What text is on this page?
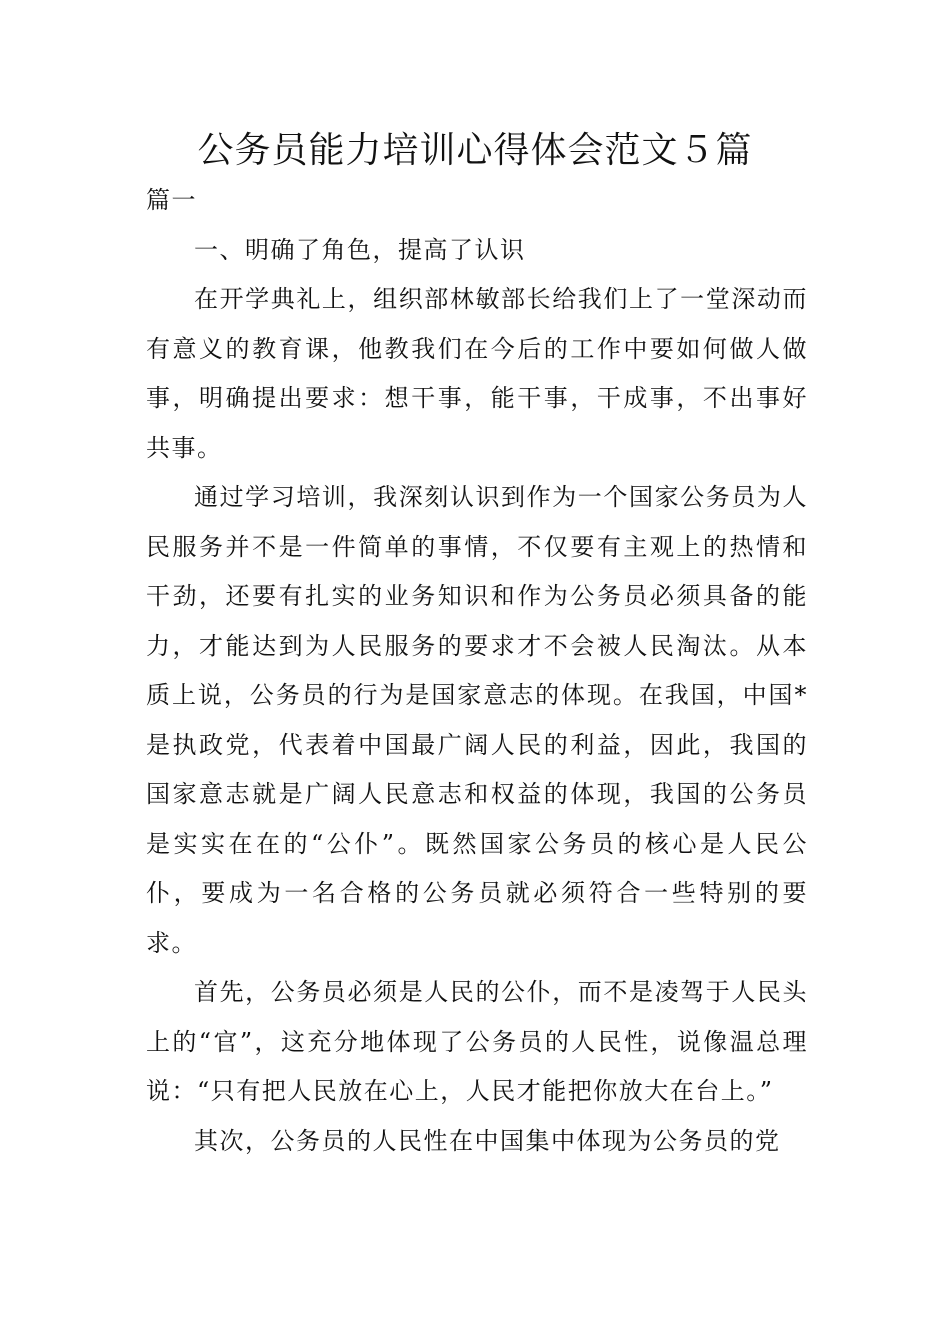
公务员能力培训心得体会范文５篇

篇一

一、明确了角色，提高了认识

在开学典礼上，组织部林敏部长给我们上了一堂深动而有意义的教育课，他教我们在今后的工作中要如何做人做事，明确提出要求：想干事，能干事，干成事，不出事好共事。

通过学习培训，我深刻认识到作为一个国家公务员为人民服务并不是一件简单的事情，不仅要有主观上的热情和干劲，还要有扎实的业务知识和作为公务员必须具备的能力，才能达到为人民服务的要求才不会被人民淘汰。从本质上说，公务员的行为是国家意志的体现。在我国，中国*是执政党，代表着中国最广阔人民的利益，因此，我国的国家意志就是广阔人民意志和权益的体现，我国的公务员是实实在在的“公仆”。既然国家公务员的核心是人民公仆，要成为一名合格的公务员就必须符合一些特别的要求。

首先，公务员必须是人民的公仆，而不是凌驾于人民头上的“官”，这充分地体现了公务员的人民性，说像温总理说：“只有把人民放在心上，人民才能把你放大在台上。”

其次，公务员的人民性在中国集中体现为公务员的党
